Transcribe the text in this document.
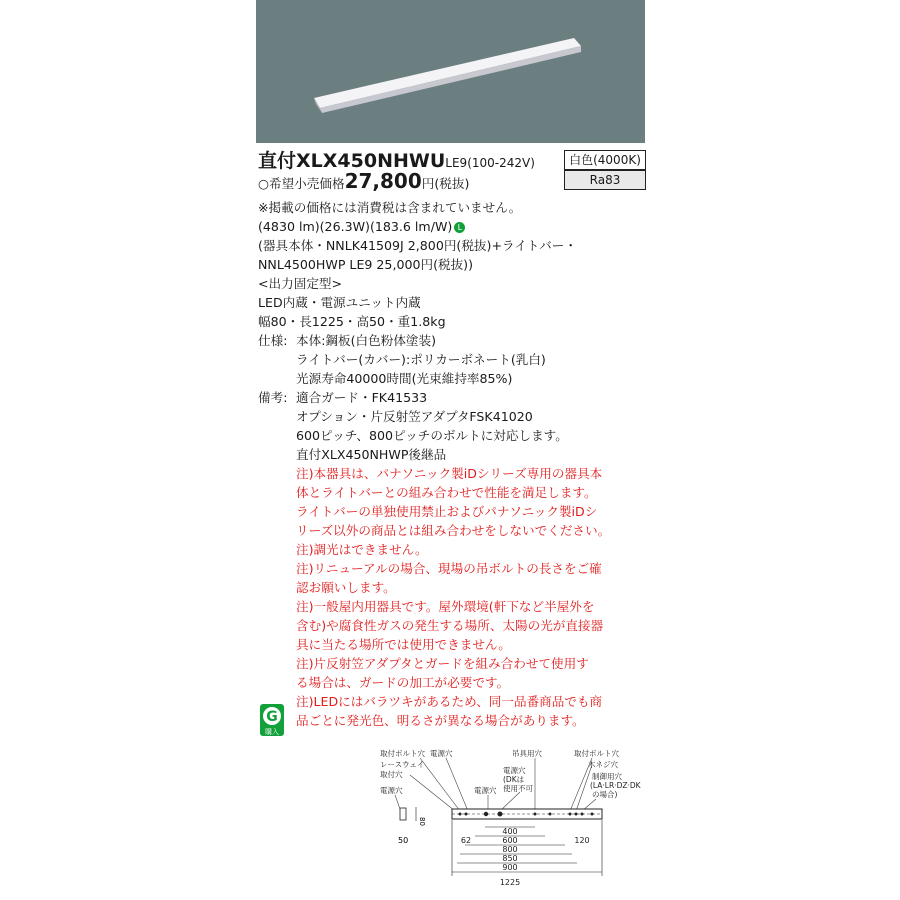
直付XLX450NHWULE9(100-242V)	白色(4000K)
Ra83
○希望小売価格27,800円(税抜)
※掲載の価格には消費税は含まれていません。
(4830 lm)(26.3W)(183.6 lm/W) L
(器具本体・NNLK41509J 2,800円(税抜)+ライトバー・
NNL4500HWP LE9 25,000円(税抜))
<出力固定型>
LED内蔵・電源ユニット内蔵
幅80・長1225・高50・重1.8kg
仕様: 本体:鋼板(白色粉体塗装)
ライトバー(カバー):ポリカーボネート(乳白)
光源寿命40000時間(光束維持率85%)
備考: 適合ガード・FK41533
オプション・片反射笠アダプタFSK41020
600ピッチ、800ピッチのボルトに対応します。
直付XLX450NHWP後継品
注)本器具は、パナソニック製iDシリーズ専用の器具本
体とライトバーとの組み合わせで性能を満足します。
ライトバーの単独使用禁止およびパナソニック製iDシ
リーズ以外の商品とは組み合わせをしないでください。
注)調光はできません。
注)リニューアルの場合、現場の吊ボルトの長さをご確
認お願いします。
注)一般屋内用器具です。屋外環境(軒下など半屋外を
含む)や腐食性ガスの発生する場所、太陽の光が直接器
具に当たる場所では使用できません。
注)片反射笠アダプタとガードを組み合わせて使用す
る場合は、ガードの加工が必要です。
注)LEDにはバラツキがあるため、同一品番商品でも商
品ごとに発光色、明るさが異なる場合があります。
G
購入
取付ボルト穴 電源穴	吊具用穴	取付ボルト穴
レースウェイ
取付穴	電源穴
(DKは
使用不可
木ネジ穴
制御用穴
(LA·LR·DZ·DK
の場合)
電源穴	電源穴
80
50
400
600
800
850
900
1225
62	120
